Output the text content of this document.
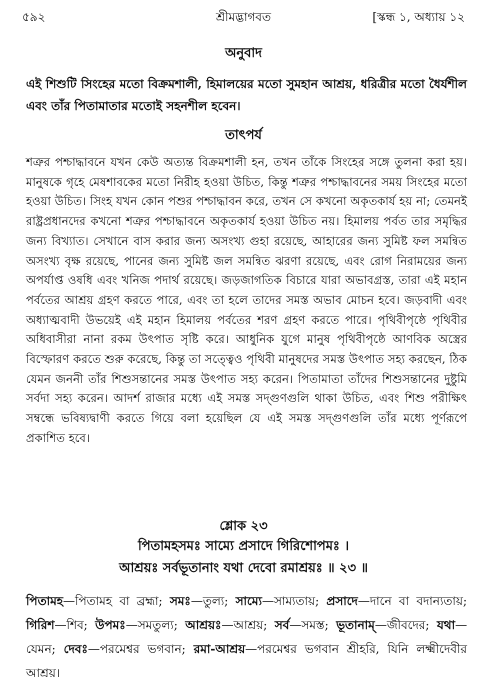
৫৯২	শ্রীমদ্ভাগবত	[স্কন্ধ ১, অধ্যায় ১২
অনুবাদ
এই শিশুটি সিংহের মতো বিক্রমশালী, হিমালয়ের মতো সুমহান আশ্রয়, ধরিত্রীর মতো ধৈর্যশীল এবং তাঁর পিতামাতার মতোই সহনশীল হবেন।
তাৎপর্য
শত্রুর পশ্চাদ্ধাবনে যখন কেউ অত্যন্ত বিক্রমশালী হন, তখন তাঁকে সিংহের সঙ্গে তুলনা করা হয়। মানুষকে গৃহে মেষশাবকের মতো নিরীহ হওয়া উচিত, কিন্তু শত্রুর পশ্চাদ্ধাবনের সময় সিংহের মতো হওয়া উচিত। সিংহ যখন কোন পশুর পশ্চাদ্ধাবন করে, তখন সে কখনো অকৃতকার্য হয় না; তেমনই রাষ্ট্রপ্রধানদের কখনো শত্রুর পশ্চাদ্ধাবনে অকৃতকার্য হওয়া উচিত নয়। হিমালয় পর্বত তার সমৃদ্ধির জন্য বিখ্যাত। সেখানে বাস করার জন্য অসংখ্য গুহা রয়েছে, আহারের জন্য সুমিষ্ট ফল সমন্বিত অসংখ্য বৃক্ষ রয়েছে, পানের জন্য সুমিষ্ট জল সমন্বিত ঝরণা রয়েছে, এবং রোগ নিরাময়ের জন্য অপর্যাপ্ত ওষধি এবং খনিজ পদার্থ রয়েছে। জড়জাগতিক বিচারে যারা অভাবগ্রস্ত, তারা এই মহান পর্বতের আশ্রয় গ্রহণ করতে পারে, এবং তা হলে তাদের সমস্ত অভাব মোচন হবে। জড়বাদী এবং অধ্যাত্মবাদী উভয়েই এই মহান হিমালয় পর্বতের শরণ গ্রহণ করতে পারে। পৃথিবীপৃষ্ঠে পৃথিবীর অধিবাসীরা নানা রকম উৎপাত সৃষ্টি করে। আধুনিক যুগে মানুষ পৃথিবীপৃষ্ঠে আণবিক অস্ত্রের বিস্ফোরণ করতে শুরু করেছে, কিন্তু তা সত্ত্বেও পৃথিবী মানুষদের সমস্ত উৎপাত সহ্য করছেন, ঠিক যেমন জননী তাঁর শিশুসন্তানের সমস্ত উৎপাত সহ্য করেন। পিতামাতা তাঁদের শিশুসন্তানের দুষ্টুমি সর্বদা সহ্য করেন। আদর্শ রাজার মধ্যে এই সমস্ত সদ্গুণগুলি থাকা উচিত, এবং শিশু পরীক্ষিৎ সম্বন্ধে ভবিষ্যদ্বাণী করতে গিয়ে বলা হয়েছিল যে এই সমস্ত সদ্গুণগুলি তাঁর মধ্যে পূর্ণরূপে প্রকাশিত হবে।
শ্লোক ২৩
পিতামহসমঃ সাম্যে প্রসাদে গিরিশোপমঃ ।
আশ্রয়ঃ সর্বভূতানাং যথা দেবো রমাশ্রয়ঃ ॥ ২৩ ॥
পিতামহ—পিতামহ বা ব্রহ্মা; সমঃ—তুল্য; সাম্যে—সাম্যতায়; প্রসাদে—দানে বা বদান্যতায়; গিরিশ—শিব; উপমঃ—সমতুল্য; আশ্রয়ঃ—আশ্রয়; সর্ব—সমস্ত; ভূতানাম্—জীবদের; যথা—যেমন; দেবঃ—পরমেশ্বর ভগবান; রমা-আশ্রয়—পরমেশ্বর ভগবান শ্রীহরি, যিনি লক্ষ্মীদেবীর আশ্রয়।
